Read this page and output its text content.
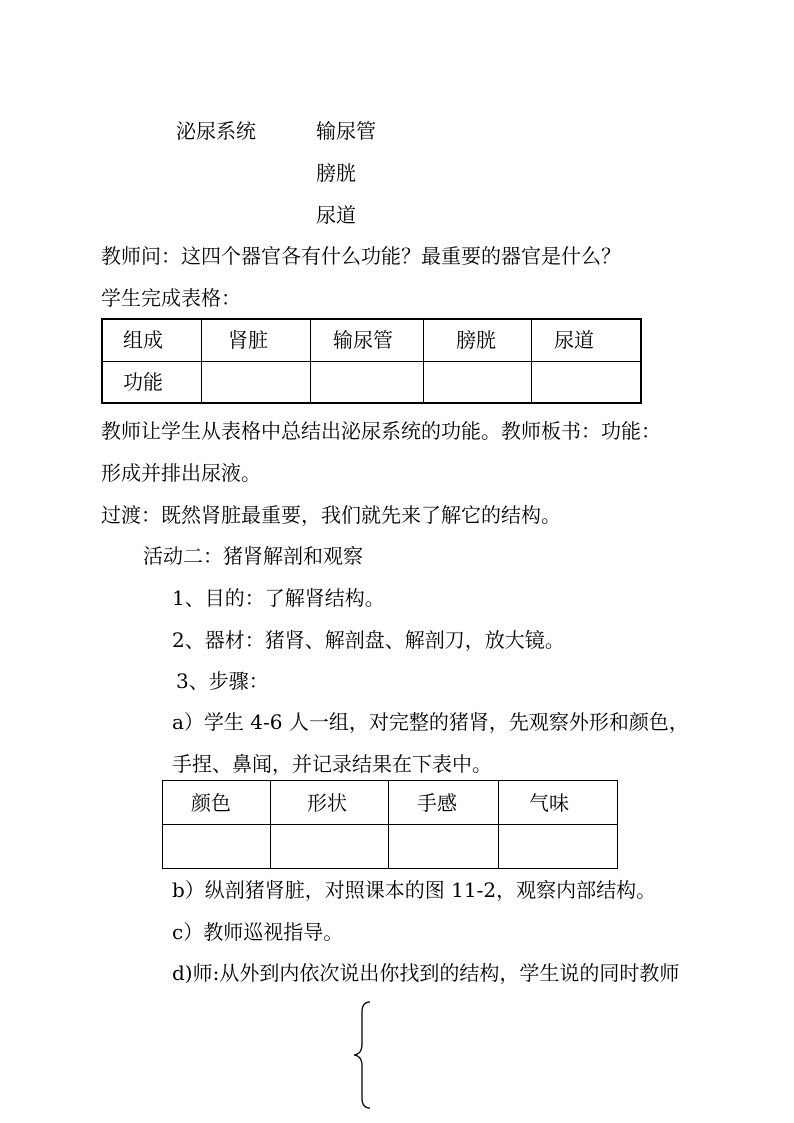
泌尿系统	输尿管
膀胱
尿道
教师问：这四个器官各有什么功能？最重要的器官是什么？
学生完成表格：
组成	肾脏	输尿管	膀胱	尿道

功能				

教师让学生从表格中总结出泌尿系统的功能。教师板书：功能：
形成并排出尿液。
过渡：既然肾脏最重要，我们就先来了解它的结构。
活动二：猪肾解剖和观察
1、目的：了解肾结构。
2、器材：猪肾、解剖盘、解剖刀，放大镜。
3、步骤：
a）学生 4-6 人一组，对完整的猪肾，先观察外形和颜色，
手捏、鼻闻，并记录结果在下表中。
颜色	形状	手感	气味

b）纵剖猪肾脏，对照课本的图 11-2，观察内部结构。
c）教师巡视指导。
d)师:从外到内依次说出你找到的结构，学生说的同时教师
